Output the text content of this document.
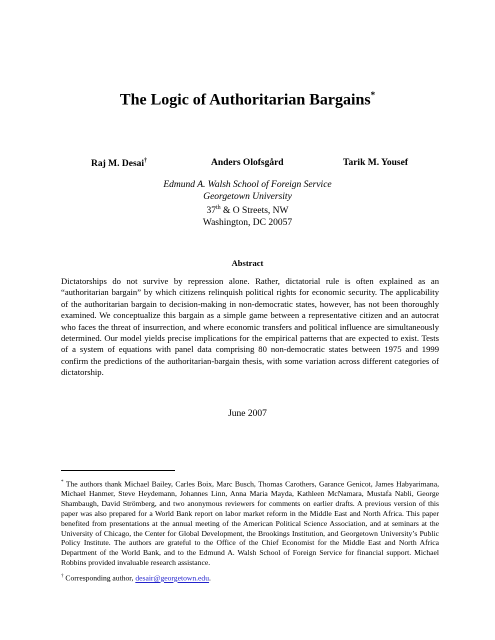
The Logic of Authoritarian Bargains*
Raj M. Desai†	Anders Olofsgård	Tarik M. Yousef
Edmund A. Walsh School of Foreign Service
Georgetown University
37th & O Streets, NW
Washington, DC 20057
Abstract
Dictatorships do not survive by repression alone. Rather, dictatorial rule is often explained as an “authoritarian bargain” by which citizens relinquish political rights for economic security. The applicability of the authoritarian bargain to decision-making in non-democratic states, however, has not been thoroughly examined. We conceptualize this bargain as a simple game between a representative citizen and an autocrat who faces the threat of insurrection, and where economic transfers and political influence are simultaneously determined. Our model yields precise implications for the empirical patterns that are expected to exist. Tests of a system of equations with panel data comprising 80 non-democratic states between 1975 and 1999 confirm the predictions of the authoritarian-bargain thesis, with some variation across different categories of dictatorship.
June 2007
* The authors thank Michael Bailey, Carles Boix, Marc Busch, Thomas Carothers, Garance Genicot, James Habyarimana, Michael Hanmer, Steve Heydemann, Johannes Linn, Anna Maria Mayda, Kathleen McNamara, Mustafa Nabli, George Shambaugh, David Strömberg, and two anonymous reviewers for comments on earlier drafts. A previous version of this paper was also prepared for a World Bank report on labor market reform in the Middle East and North Africa. This paper benefited from presentations at the annual meeting of the American Political Science Association, and at seminars at the University of Chicago, the Center for Global Development, the Brookings Institution, and Georgetown University’s Public Policy Institute. The authors are grateful to the Office of the Chief Economist for the Middle East and North Africa Department of the World Bank, and to the Edmund A. Walsh School of Foreign Service for financial support. Michael Robbins provided invaluable research assistance.
† Corresponding author, desair@georgetown.edu.
